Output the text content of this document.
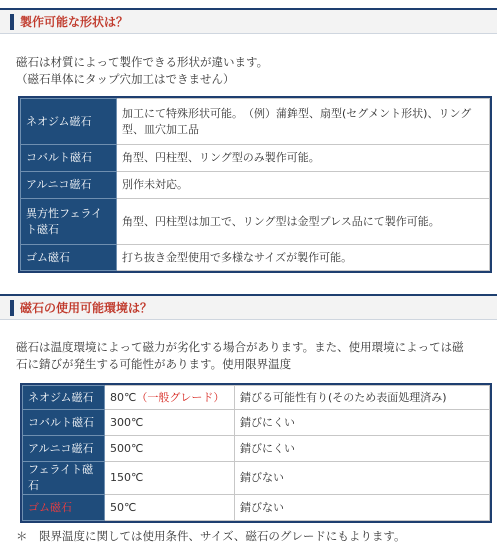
製作可能な形状は？
磁石は材質によって製作できる形状が違います。
（磁石単体にタップ穴加工はできません）
ネオジム磁石	加工にて特殊形状可能。　（例）蒲鉾型、扇型(セグメント形状)、リング型、皿穴加工品
コバルト磁石	角型、円柱型、リング型のみ製作可能。
アルニコ磁石	別作未対応。
異方性フェライト磁石	角型、円柱型は加工で、リング型は金型プレス品にて製作可能。
ゴム磁石	打ち抜き金型使用で多様なサイズが製作可能。
磁石の使用可能環境は？
磁石は温度環境によって磁力が劣化する場合があります。また、使用環境によっては磁
石に錆びが発生する可能性があります。使用限界温度
ネオジム磁石	80℃（一般グレード）	錆びる可能性有り(そのため表面処理済み)
コバルト磁石	300℃	錆びにくい
アルニコ磁石	500℃	錆びにくい
フェライト磁石	150℃	錆びない
ゴム磁石	50℃	錆びない
＊　限界温度に関しては使用条件、サイズ、磁石のグレードにもよります。
